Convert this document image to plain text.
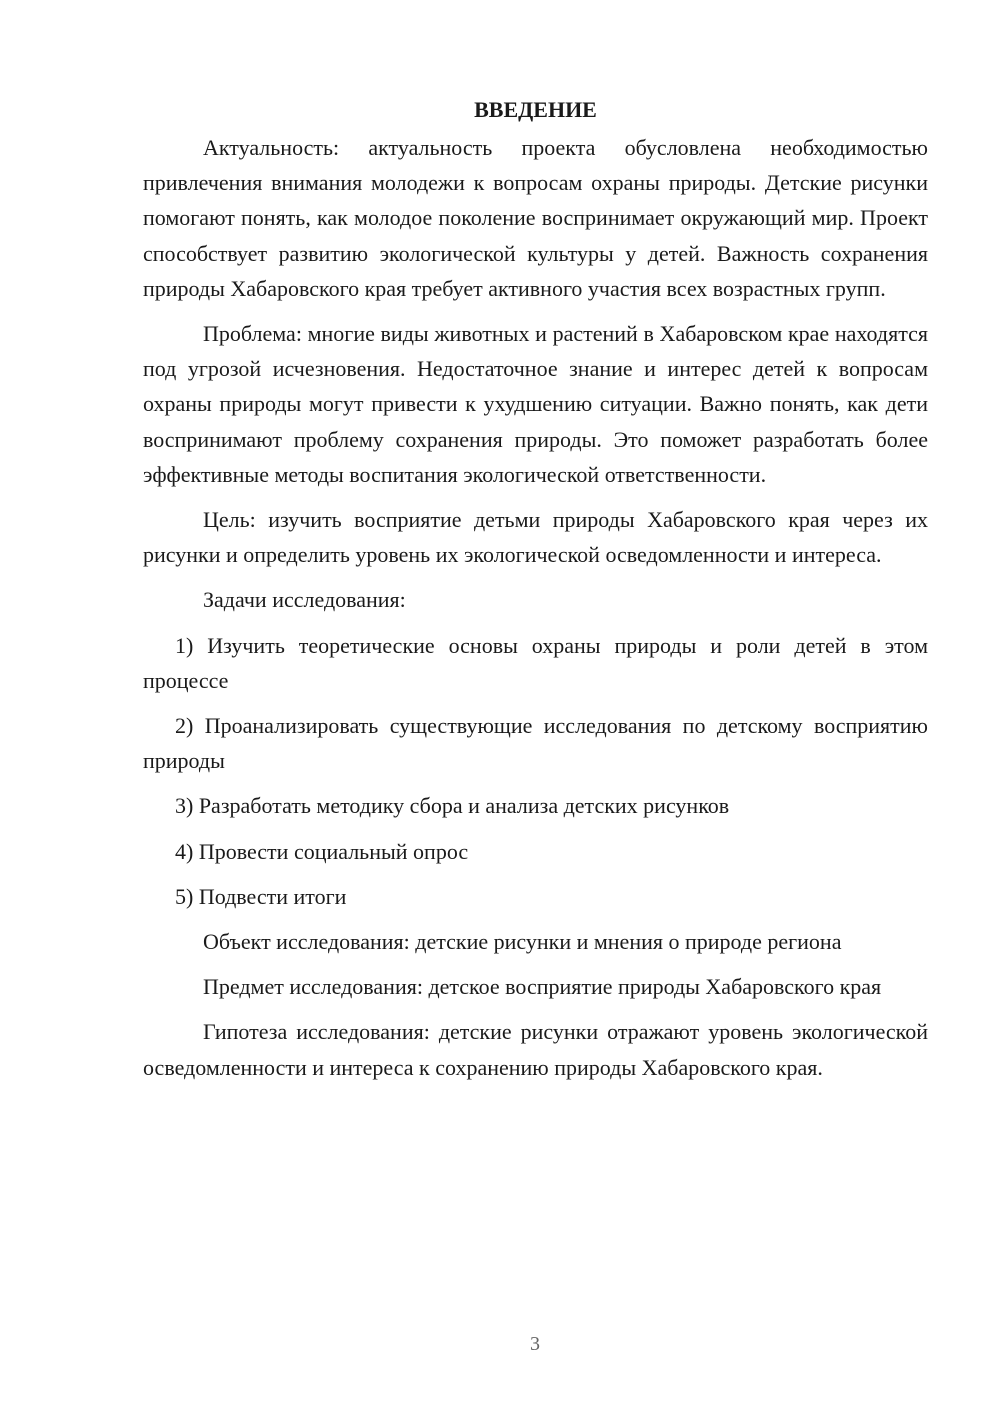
ВВЕДЕНИЕ

Актуальность: актуальность проекта обусловлена необходимостью привлечения внимания молодежи к вопросам охраны природы. Детские рисунки помогают понять, как молодое поколение воспринимает окружающий мир. Проект способствует развитию экологической культуры у детей. Важность сохранения природы Хабаровского края требует активного участия всех возрастных групп.

Проблема: многие виды животных и растений в Хабаровском крае находятся под угрозой исчезновения. Недостаточное знание и интерес детей к вопросам охраны природы могут привести к ухудшению ситуации. Важно понять, как дети воспринимают проблему сохранения природы. Это поможет разработать более эффективные методы воспитания экологической ответственности.

Цель: изучить восприятие детьми природы Хабаровского края через их рисунки и определить уровень их экологической осведомленности и интереса.

Задачи исследования:

1) Изучить теоретические основы охраны природы и роли детей в этом процессе

2) Проанализировать существующие исследования по детскому восприятию природы

3) Разработать методику сбора и анализа детских рисунков

4) Провести социальный опрос

5) Подвести итоги

Объект исследования: детские рисунки и мнения о природе региона

Предмет исследования: детское восприятие природы Хабаровского края

Гипотеза исследования: детские рисунки отражают уровень экологической осведомленности и интереса к сохранению природы Хабаровского края.

3
